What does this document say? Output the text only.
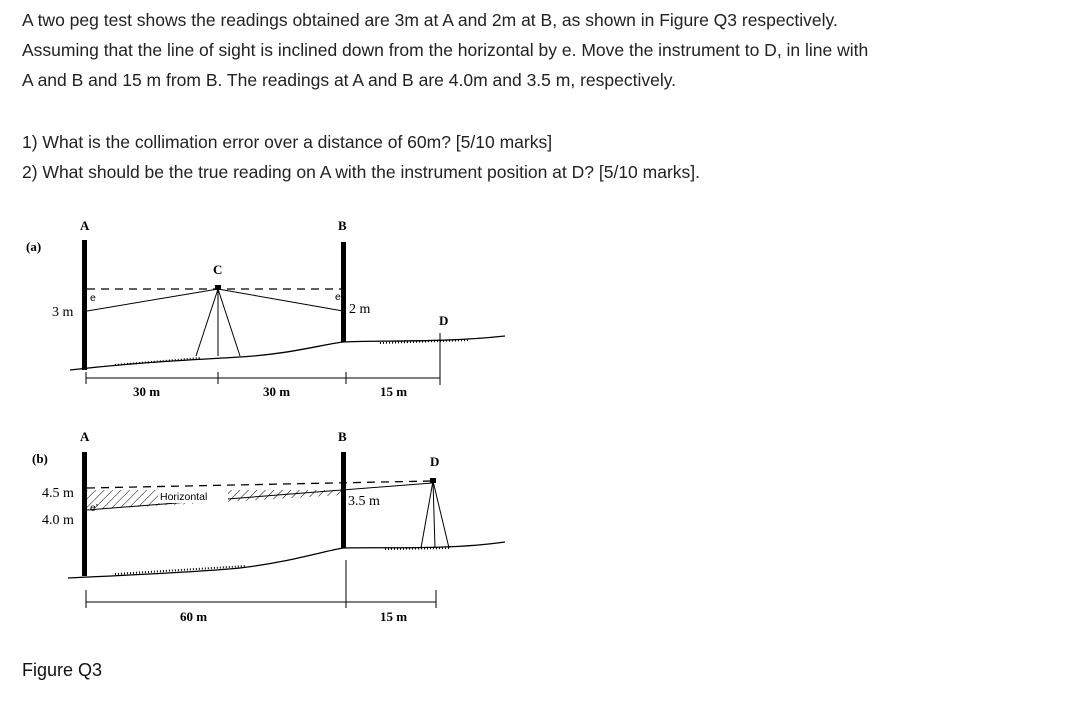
A two peg test shows the readings obtained are 3m at A and 2m at B, as shown in Figure Q3 respectively.
Assuming that the line of sight is inclined down from the horizontal by e. Move the instrument to D, in line with
A and B and 15 m from B. The readings at A and B are 4.0m and 3.5 m, respectively.
1) What is the collimation error over a distance of 60m? [5/10 marks]
2) What should be the true reading on A with the instrument position at D? [5/10 marks].
(a)
A	B
e	e
3 m	2 m
C
D
30 m	30 m	15 m
(b)
A	B
Horizontal
e'
4.5 m
4.0 m
3.5 m
D
60 m	15 m
Figure Q3
